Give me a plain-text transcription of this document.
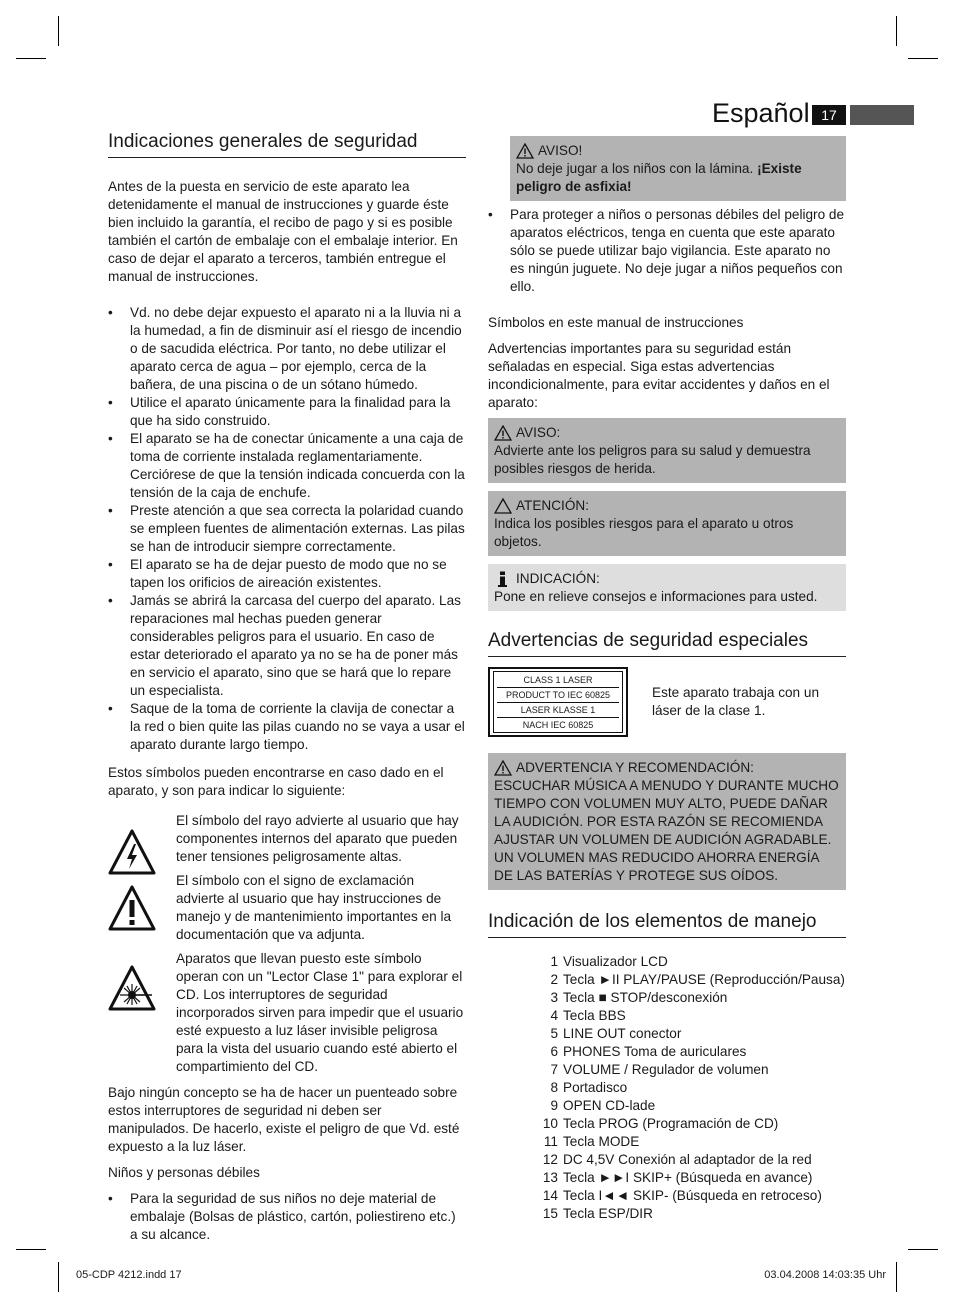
Español 17
Indicaciones generales de seguridad

Antes de la puesta en servicio de este aparato lea detenidamente el manual de instrucciones y guarde éste bien incluido la garantía, el recibo de pago y si es posible también el cartón de embalaje con el embalaje interior. En caso de dejar el aparato a terceros, también entregue el manual de instrucciones.

• Vd. no debe dejar expuesto el aparato ni a la lluvia ni a la humedad, a fin de disminuir así el riesgo de incendio o de sacudida eléctrica. Por tanto, no debe utilizar el aparato cerca de agua – por ejemplo, cerca de la bañera, de una piscina o de un sótano húmedo.
• Utilice el aparato únicamente para la finalidad para la que ha sido construido.
• El aparato se ha de conectar únicamente a una caja de toma de corriente instalada reglamentariamente. Cerciórese de que la tensión indicada concuerda con la tensión de la caja de enchufe.
• Preste atención a que sea correcta la polaridad cuando se empleen fuentes de alimentación externas. Las pilas se han de introducir siempre correctamente.
• El aparato se ha de dejar puesto de modo que no se tapen los orificios de aireación existentes.
• Jamás se abrirá la carcasa del cuerpo del aparato. Las reparaciones mal hechas pueden generar considerables peligros para el usuario. En caso de estar deteriorado el aparato ya no se ha de poner más en servicio el aparato, sino que se hará que lo repare un especialista.
• Saque de la toma de corriente la clavija de conectar a la red o bien quite las pilas cuando no se vaya a usar el aparato durante largo tiempo.

Estos símbolos pueden encontrarse en caso dado en el aparato, y son para indicar lo siguiente:

El símbolo del rayo advierte al usuario que hay componentes internos del aparato que pueden tener tensiones peligrosamente altas.

El símbolo con el signo de exclamación advierte al usuario que hay instrucciones de manejo y de mantenimiento importantes en la documentación que va adjunta.

Aparatos que llevan puesto este símbolo operan con un "Lector Clase 1" para explorar el CD. Los interruptores de seguridad incorporados sirven para impedir que el usuario esté expuesto a luz láser invisible peligrosa para la vista del usuario cuando esté abierto el compartimiento del CD.

Bajo ningún concepto se ha de hacer un puenteado sobre estos interruptores de seguridad ni deben ser manipulados. De hacerlo, existe el peligro de que Vd. esté expuesto a la luz láser.

Niños y personas débiles

• Para la seguridad de sus niños no deje material de embalaje (Bolsas de plástico, cartón, poliestireno etc.) a su alcance.
AVISO!

No deje jugar a los niños con la lámina. ¡Existe peligro de asfixia!

• Para proteger a niños o personas débiles del peligro de aparatos eléctricos, tenga en cuenta que este aparato sólo se puede utilizar bajo vigilancia. Este aparato no es ningún juguete. No deje jugar a niños pequeños con ello.

Símbolos en este manual de instrucciones

Advertencias importantes para su seguridad están señaladas en especial. Siga estas advertencias incondicionalmente, para evitar accidentes y daños en el aparato:

AVISO:

Advierte ante los peligros para su salud y demuestra posibles riesgos de herida.

ATENCIÓN:

Indica los posibles riesgos para el aparato u otros objetos.

INDICACIÓN:

Pone en relieve consejos e informaciones para usted.

Advertencias de seguridad especiales
CLASS 1 LASER
PRODUCT TO IEC 60825
LASER KLASSE 1
NACH IEC 60825

Este aparato trabaja con un láser de la clase 1.

ADVERTENCIA Y RECOMENDACIÓN:

ESCUCHAR MÚSICA A MENUDO Y DURANTE MUCHO TIEMPO CON VOLUMEN MUY ALTO, PUEDE DAÑAR LA AUDICIÓN. POR ESTA RAZÓN SE RECOMIENDA AJUSTAR UN VOLUMEN DE AUDICIÓN AGRADABLE. UN VOLUMEN MAS REDUCIDO AHORRA ENERGÍA DE LAS BATERÍAS Y PROTEGE SUS OÍDOS.

Indicación de los elementos de manejo
1 Visualizador LCD
2 Tecla ►II PLAY/PAUSE (Reproducción/Pausa)
3 Tecla ■ STOP/desconexión
4 Tecla BBS
5 LINE OUT conector
6 PHONES Toma de auriculares
7 VOLUME / Regulador de volumen
8 Portadisco
9 OPEN CD-lade
10 Tecla PROG (Programación de CD)
11 Tecla MODE
12 DC 4,5V Conexión al adaptador de la red
13 Tecla ►►I SKIP+ (Búsqueda en avance)
14 Tecla I◄◄ SKIP- (Búsqueda en retroceso)
15 Tecla ESP/DIR
05-CDP 4212.indd 17	03.04.2008 14:03:35 Uhr
